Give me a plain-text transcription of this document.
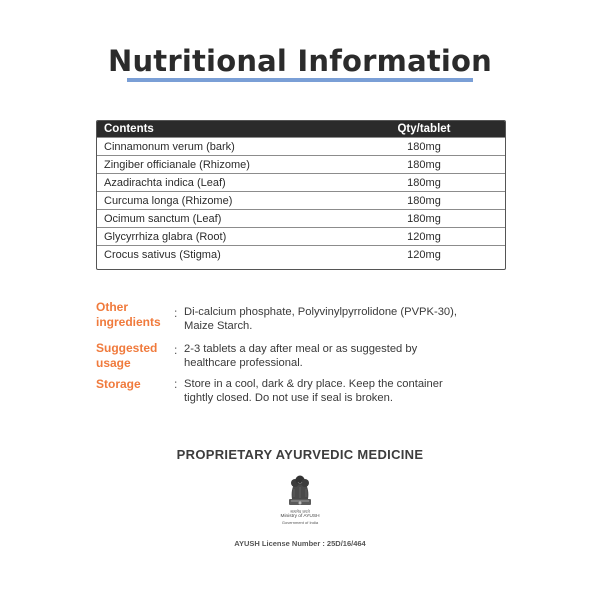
Nutritional Information
Contents	Qty/tablet
Cinnamonum verum (bark)	180mg
Zingiber officianale (Rhizome)	180mg
Azadirachta indica (Leaf)	180mg
Curcuma longa (Rhizome)	180mg
Ocimum sanctum (Leaf)	180mg
Glycyrrhiza glabra (Root)	120mg
Crocus sativus (Stigma)	120mg
Other
ingredients
: Di-calcium phosphate, Polyvinylpyrrolidone (PVPK-30),
Maize Starch.
Suggested
usage
: 2-3 tablets a day after meal or as suggested by
healthcare professional.
Storage	: Store in a cool, dark & dry place. Keep the container
tightly closed. Do not use if seal is broken.
PROPRIETARY AYURVEDIC MEDICINE
सत्यमेव जयते
Ministry of AYUSH
Government of India
AYUSH License Number : 25D/16/464
